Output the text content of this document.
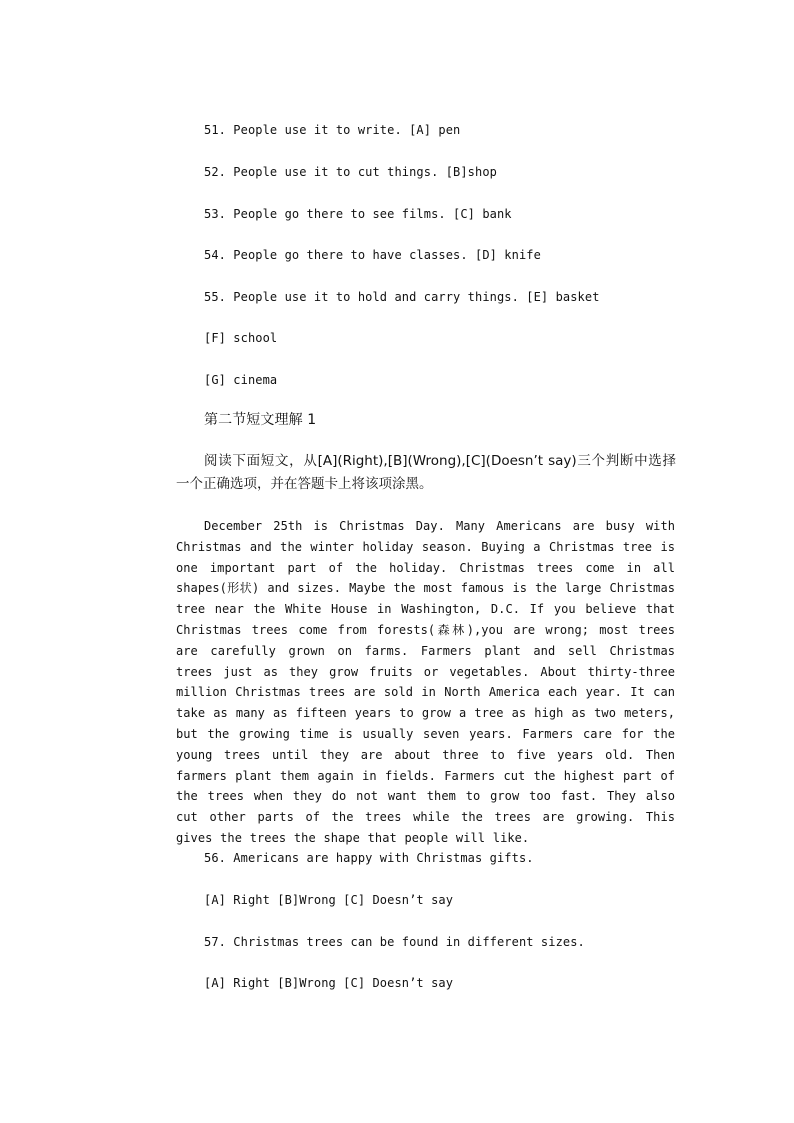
51. People use it to write. [A] pen
52. People use it to cut things. [B]shop
53. People go there to see films. [C] bank
54. People go there to have classes. [D] knife
55. People use it to hold and carry things. [E] basket
[F] school
[G] cinema
第二节短文理解 1
阅读下面短文，从[A](Right),[B](Wrong),[C](Doesn’t say)三个判断中选择一个正确选项，并在答题卡上将该项涂黑。
December 25th is Christmas Day. Many Americans are busy with Christmas and the winter holiday season. Buying a Christmas tree is one important part of the holiday. Christmas trees come in all shapes(形状) and sizes. Maybe the most famous is the large Christmas tree near the White House in Washington, D.C. If you believe that Christmas trees come from forests(森林),you are wrong; most trees are carefully grown on farms. Farmers plant and sell Christmas trees just as they grow fruits or vegetables. About thirty-three million Christmas trees are sold in North America each year. It can take as many as fifteen years to grow a tree as high as two meters, but the growing time is usually seven years. Farmers care for the young trees until they are about three to five years old. Then farmers plant them again in fields. Farmers cut the highest part of the trees when they do not want them to grow too fast. They also cut other parts of the trees while the trees are growing. This gives the trees the shape that people will like.
56. Americans are happy with Christmas gifts.
[A] Right [B]Wrong [C] Doesn’t say
57. Christmas trees can be found in different sizes.
[A] Right [B]Wrong [C] Doesn’t say
